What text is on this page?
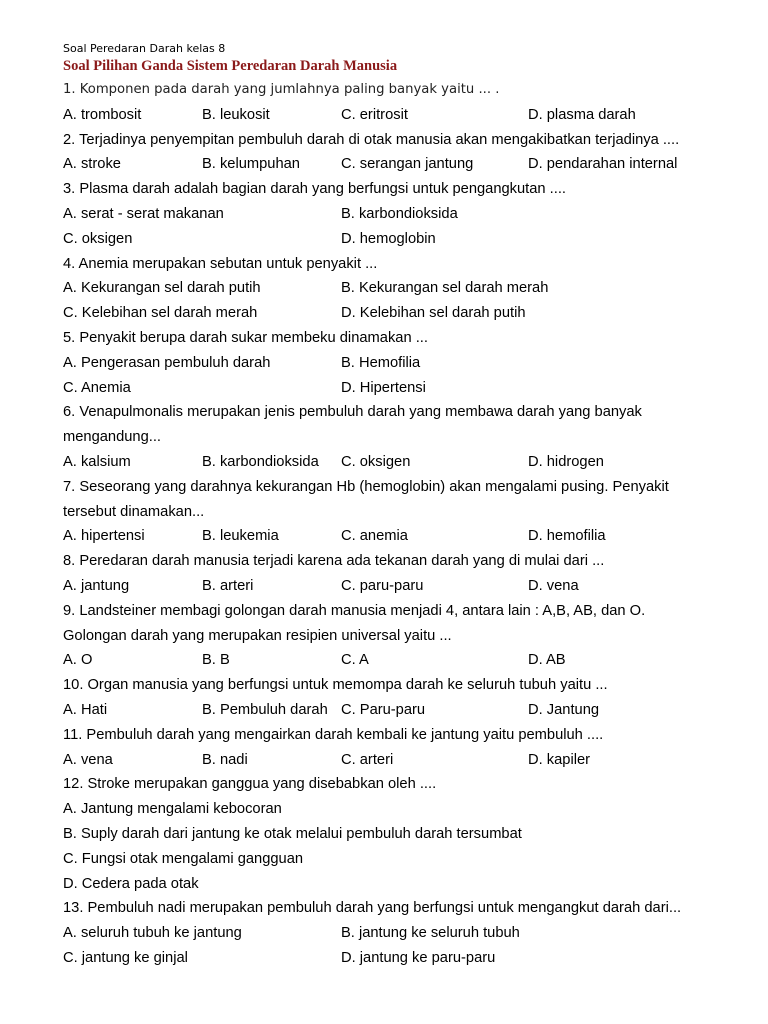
Soal Peredaran Darah kelas 8
Soal Pilihan Ganda Sistem Peredaran Darah Manusia
1. Komponen pada darah yang jumlahnya paling banyak yaitu ... .
A. trombosit	B. leukosit	C. eritrosit	D. plasma darah
2. Terjadinya penyempitan pembuluh darah di otak manusia akan mengakibatkan terjadinya ....
A. stroke	B. kelumpuhan	C. serangan jantung	D. pendarahan internal
3. Plasma darah adalah bagian darah yang berfungsi untuk pengangkutan ....
A. serat - serat makanan	B. karbondioksida
C. oksigen	D. hemoglobin
4. Anemia merupakan sebutan untuk penyakit ...
A. Kekurangan sel darah putih	B. Kekurangan sel darah merah
C. Kelebihan sel darah merah	D. Kelebihan sel darah putih
5. Penyakit berupa darah sukar membeku dinamakan ...
A. Pengerasan pembuluh darah	B. Hemofilia
C. Anemia	D. Hipertensi
6. Venapulmonalis merupakan jenis pembuluh darah yang membawa darah yang banyak
mengandung...
A. kalsium	B. karbondioksida	C. oksigen	D. hidrogen
7. Seseorang yang darahnya kekurangan Hb (hemoglobin) akan mengalami pusing. Penyakit
tersebut dinamakan...
A. hipertensi	B. leukemia	C. anemia	D. hemofilia
8. Peredaran darah manusia terjadi karena ada tekanan darah yang di mulai dari ...
A. jantung	B. arteri	C. paru-paru	D. vena
9. Landsteiner membagi golongan darah manusia menjadi 4, antara lain : A,B, AB, dan O.
Golongan darah yang merupakan resipien universal yaitu ...
A. O	B. B	C. A	D. AB
10. Organ manusia yang berfungsi untuk memompa darah ke seluruh tubuh yaitu ...
A. Hati	B. Pembuluh darah C. Paru-paru	D. Jantung
11. Pembuluh darah yang mengairkan darah kembali ke jantung yaitu pembuluh ....
A. vena	B. nadi	C. arteri	D. kapiler
12. Stroke merupakan ganggua yang disebabkan oleh ....
A. Jantung mengalami kebocoran
B. Suply darah dari jantung ke otak melalui pembuluh darah tersumbat
C. Fungsi otak mengalami gangguan
D. Cedera pada otak
13. Pembuluh nadi merupakan pembuluh darah yang berfungsi untuk mengangkut darah dari...
A. seluruh tubuh ke jantung	B. jantung ke seluruh tubuh
C. jantung ke ginjal	D. jantung ke paru-paru
